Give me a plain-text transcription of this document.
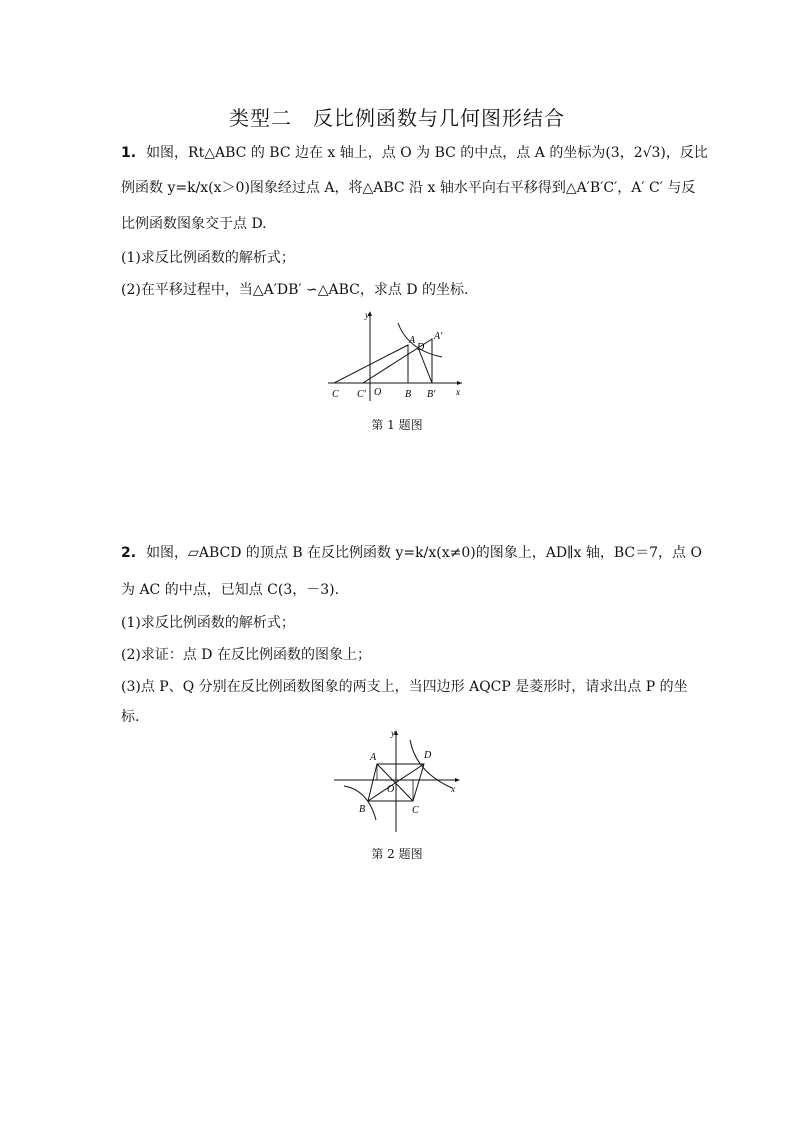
类型二　反比例函数与几何图形结合
1. 如图，Rt△ABC 的 BC 边在 x 轴上，点 O 为 BC 的中点，点 A 的坐标为(3，2√3)，反比
例函数 y=k/x(x＞0)图象经过点 A，将△ABC 沿 x 轴水平向右平移得到△A′B′C′，A′ C′ 与反
比例函数图象交于点 D.
(1)求反比例函数的解析式；
(2)在平移过程中，当△A′DB′ ∽△ABC，求点 D 的坐标.
y
x
A A′
D
C C′ O B B′
第 1 题图
2. 如图，▱ABCD 的顶点 B 在反比例函数 y=k/x(x≠0)的图象上，AD∥x 轴，BC＝7，点 O
为 AC 的中点，已知点 C(3，－3).
(1)求反比例函数的解析式；
(2)求证：点 D 在反比例函数的图象上；
(3)点 P、Q 分别在反比例函数图象的两支上，当四边形 AQCP 是菱形时，请求出点 P 的坐
标.
y
x
A	D
B	C
O
第 2 题图
